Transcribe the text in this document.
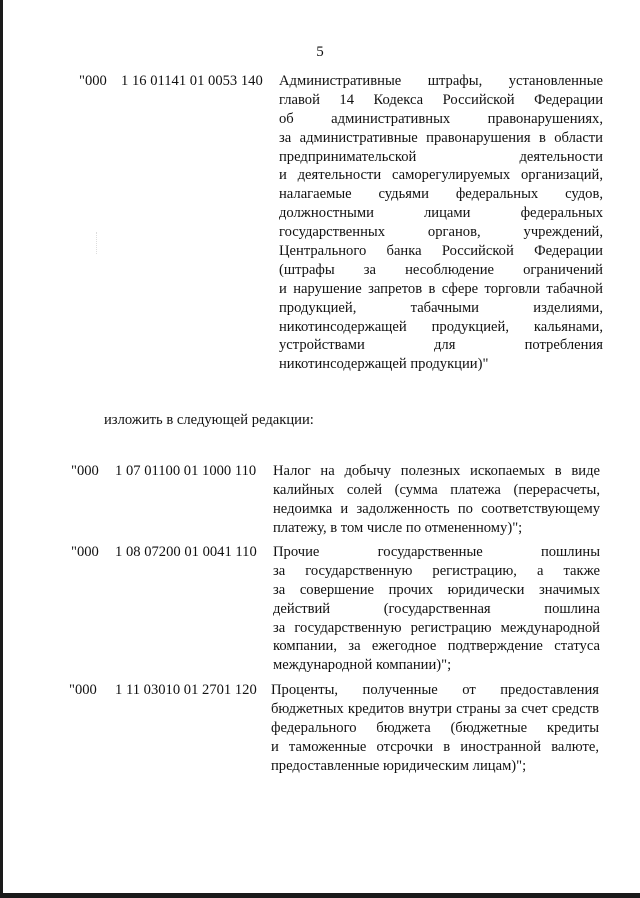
5
"000 1 16 01141 01 0053 140 Административные штрафы, установленные
главой 14 Кодекса Российской Федерации
об административных правонарушениях,
за административные правонарушения в области
предпринимательской деятельности
и деятельности саморегулируемых организаций,
налагаемые судьями федеральных судов,
должностными лицами федеральных
государственных органов, учреждений,
Центрального банка Российской Федерации
(штрафы за несоблюдение ограничений
и нарушение запретов в сфере торговли табачной
продукцией, табачными изделиями,
никотинсодержащей продукцией, кальянами,
устройствами для потребления
никотинсодержащей продукции)"
изложить в следующей редакции:
"000 1 07 01100 01 1000 110 Налог на добычу полезных ископаемых в виде
калийных солей (сумма платежа (перерасчеты,
недоимка и задолженность по соответствующему
платежу, в том числе по отмененному)";
"000 1 08 07200 01 0041 110 Прочие государственные пошлины
за государственную регистрацию, а также
за совершение прочих юридически значимых
действий (государственная пошлина
за государственную регистрацию международной
компании, за ежегодное подтверждение статуса
международной компании)";
"000 1 11 03010 01 2701 120 Проценты, полученные от предоставления
бюджетных кредитов внутри страны за счет средств
федерального бюджета (бюджетные кредиты
и таможенные отсрочки в иностранной валюте,
предоставленные юридическим лицам)";
